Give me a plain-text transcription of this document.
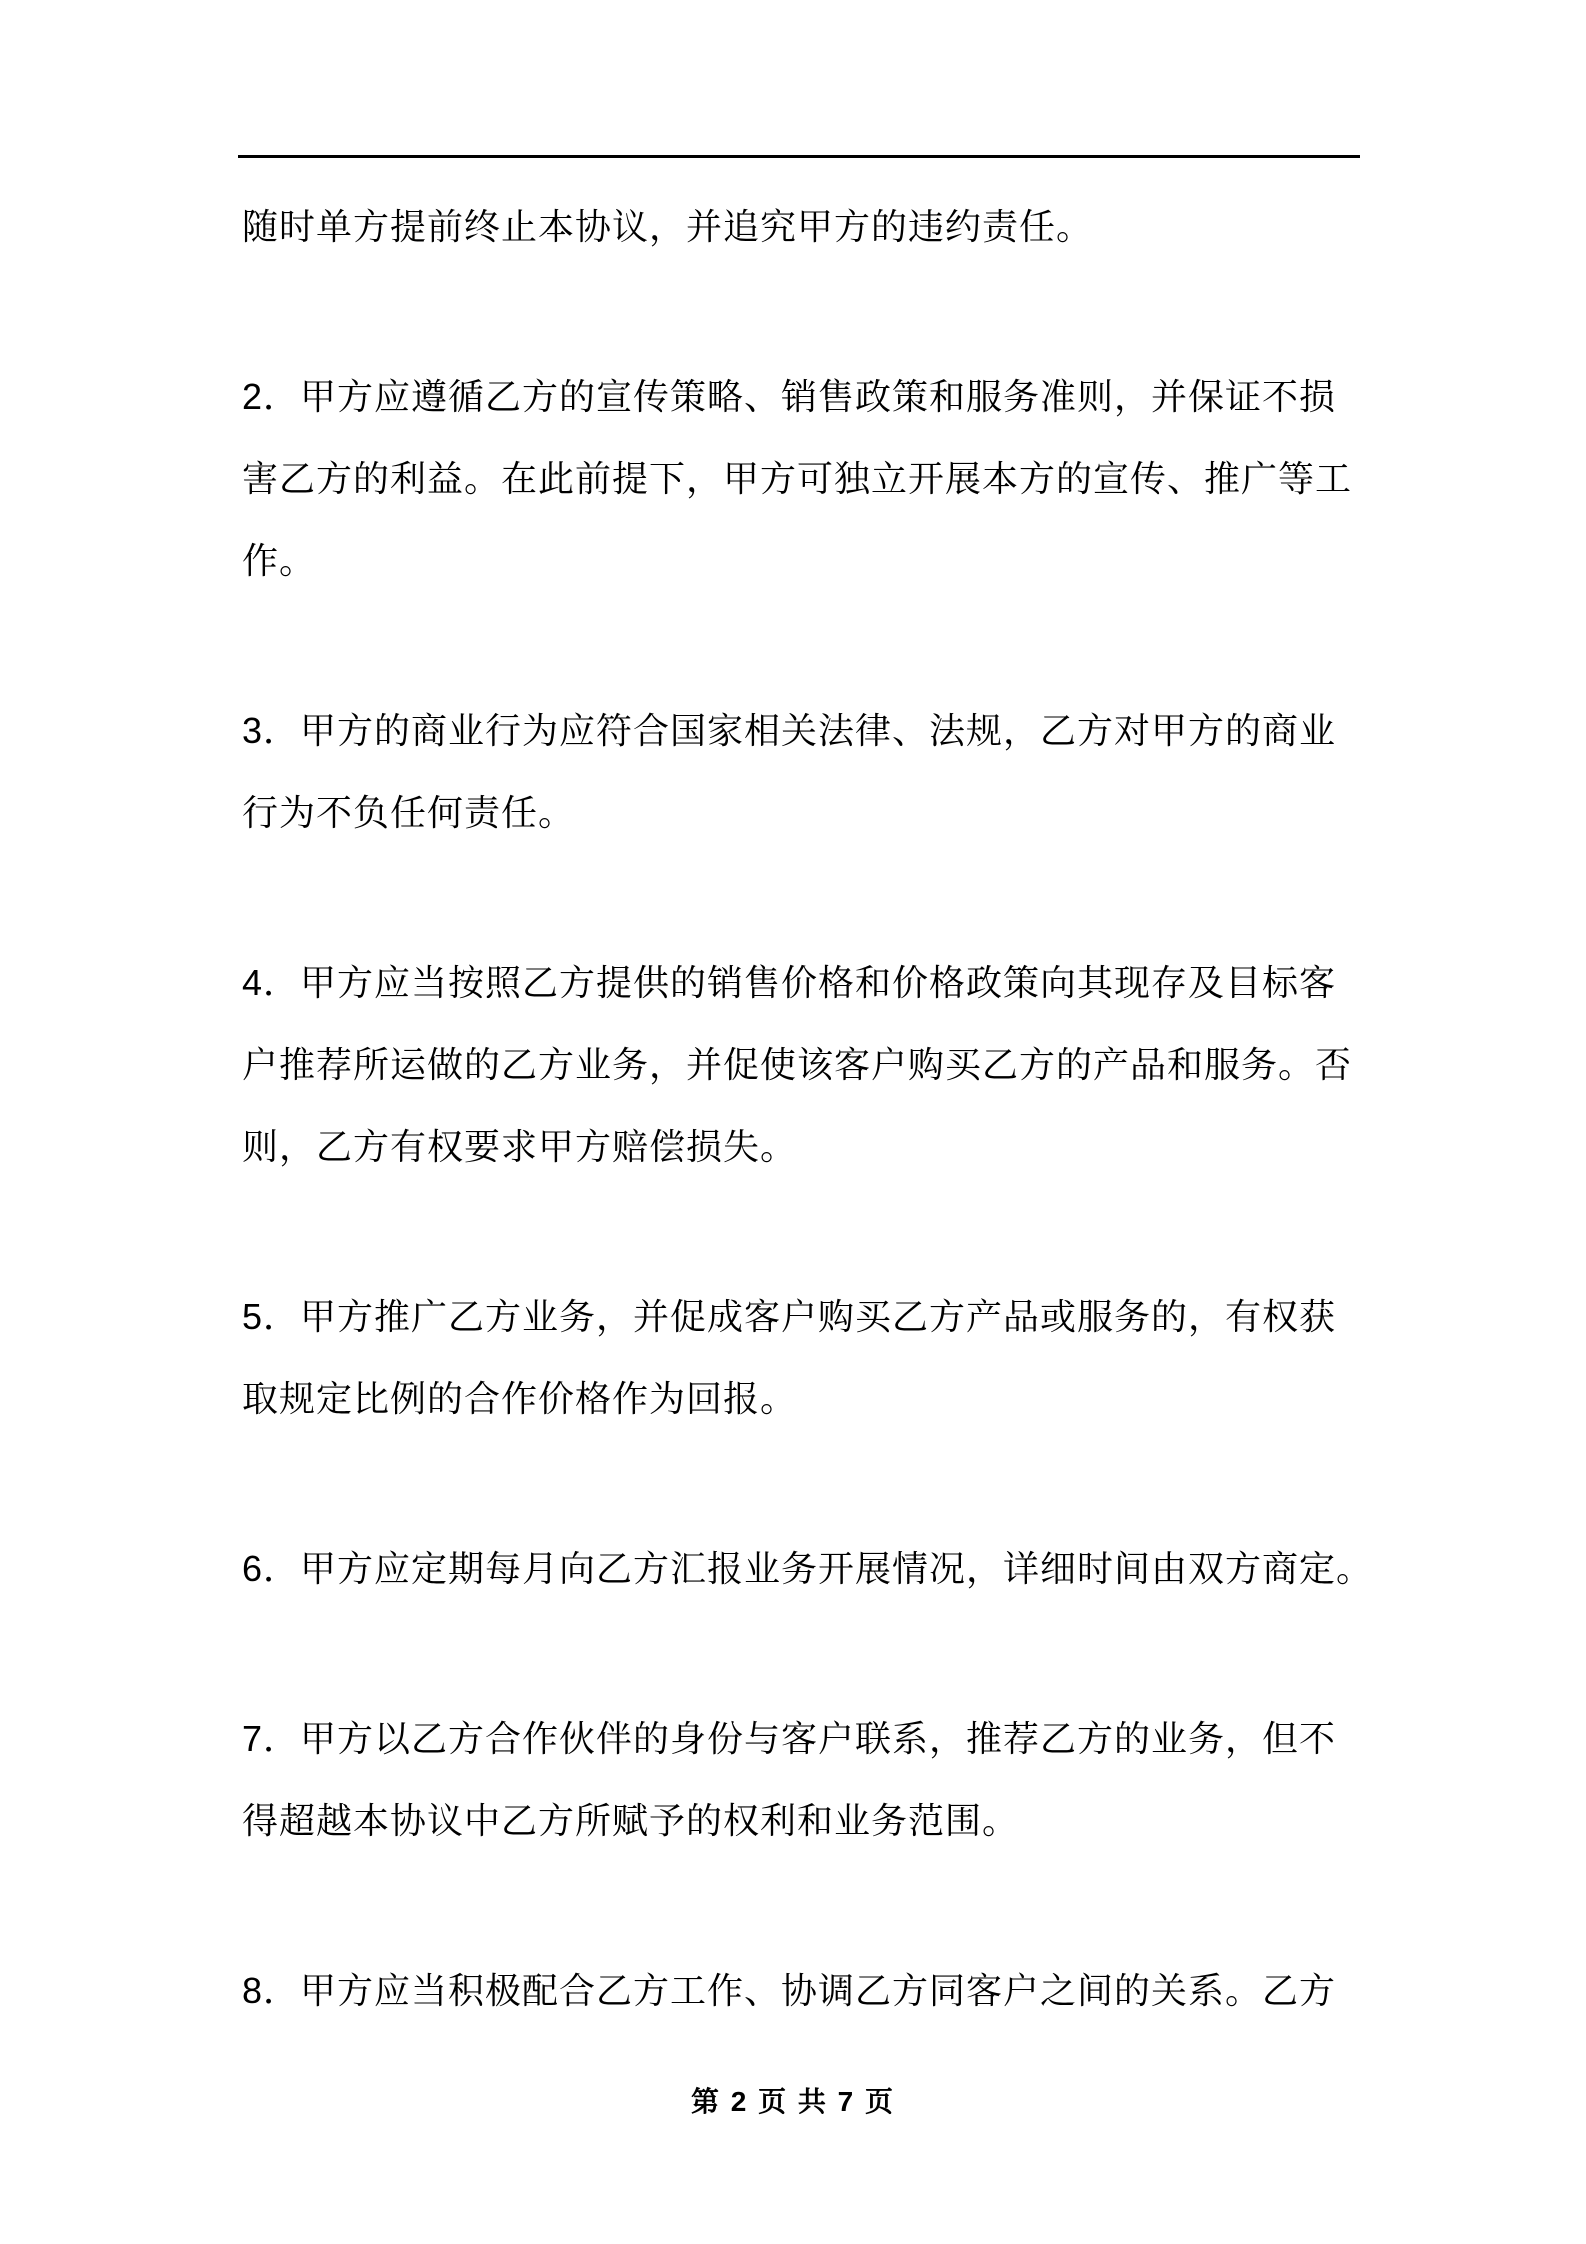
随时单方提前终止本协议，并追究甲方的违约责任。
2．甲方应遵循乙方的宣传策略、销售政策和服务准则，并保证不损
害乙方的利益。在此前提下，甲方可独立开展本方的宣传、推广等工
作。
3．甲方的商业行为应符合国家相关法律、法规，乙方对甲方的商业
行为不负任何责任。
4．甲方应当按照乙方提供的销售价格和价格政策向其现存及目标客
户推荐所运做的乙方业务，并促使该客户购买乙方的产品和服务。否
则，乙方有权要求甲方赔偿损失。
5．甲方推广乙方业务，并促成客户购买乙方产品或服务的，有权获
取规定比例的合作价格作为回报。
6．甲方应定期每月向乙方汇报业务开展情况，详细时间由双方商定。
7．甲方以乙方合作伙伴的身份与客户联系，推荐乙方的业务，但不
得超越本协议中乙方所赋予的权利和业务范围。
8．甲方应当积极配合乙方工作、协调乙方同客户之间的关系。乙方
第 2 页 共 7 页
